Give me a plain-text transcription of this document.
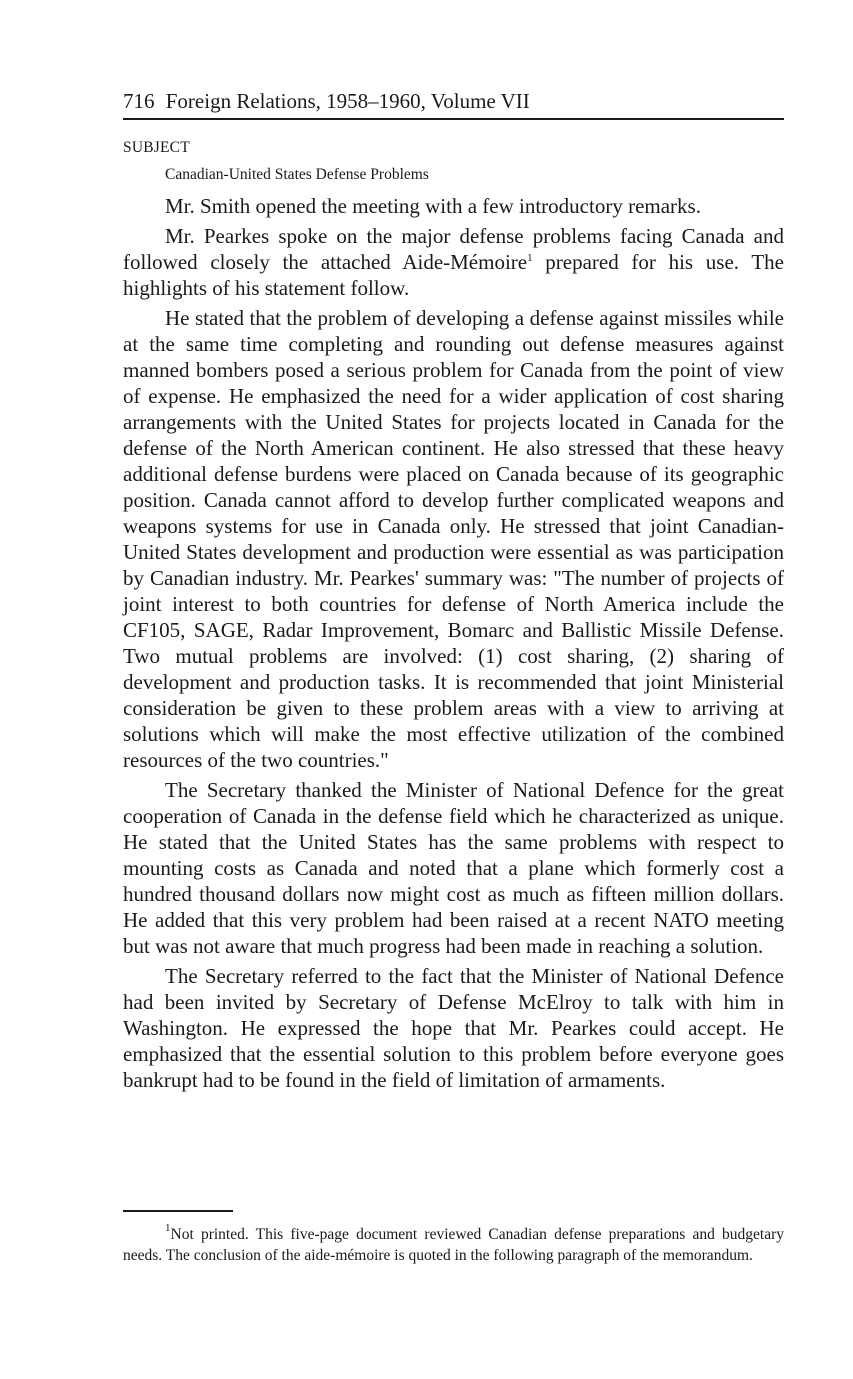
716 Foreign Relations, 1958–1960, Volume VII
SUBJECT
Canadian-United States Defense Problems

Mr. Smith opened the meeting with a few introductory remarks.

Mr. Pearkes spoke on the major defense problems facing Canada and followed closely the attached Aide-Mémoire$^1$ prepared for his use. The highlights of his statement follow.

He stated that the problem of developing a defense against missiles while at the same time completing and rounding out defense measures against manned bombers posed a serious problem for Canada from the point of view of expense. He emphasized the need for a wider application of cost sharing arrangements with the United States for projects located in Canada for the defense of the North American continent. He also stressed that these heavy additional defense burdens were placed on Canada because of its geographic position. Canada cannot afford to develop further complicated weapons and weapons systems for use in Canada only. He stressed that joint Canadian-United States development and production were essential as was participation by Canadian industry. Mr. Pearkes' summary was: "The number of projects of joint interest to both countries for defense of North America include the CF105, SAGE, Radar Improvement, Bomarc and Ballistic Missile Defense. Two mutual problems are involved: (1) cost sharing, (2) sharing of development and production tasks. It is recommended that joint Ministerial consideration be given to these problem areas with a view to arriving at solutions which will make the most effective utilization of the combined resources of the two countries."

The Secretary thanked the Minister of National Defence for the great cooperation of Canada in the defense field which he characterized as unique. He stated that the United States has the same problems with respect to mounting costs as Canada and noted that a plane which formerly cost a hundred thousand dollars now might cost as much as fifteen million dollars. He added that this very problem had been raised at a recent NATO meeting but was not aware that much progress had been made in reaching a solution.

The Secretary referred to the fact that the Minister of National Defence had been invited by Secretary of Defense McElroy to talk with him in Washington. He expressed the hope that Mr. Pearkes could accept. He emphasized that the essential solution to this problem before everyone goes bankrupt had to be found in the field of limitation of armaments.

$^1$Not printed. This five-page document reviewed Canadian defense preparations and budgetary needs. The conclusion of the aide-mémoire is quoted in the following paragraph of the memorandum.
